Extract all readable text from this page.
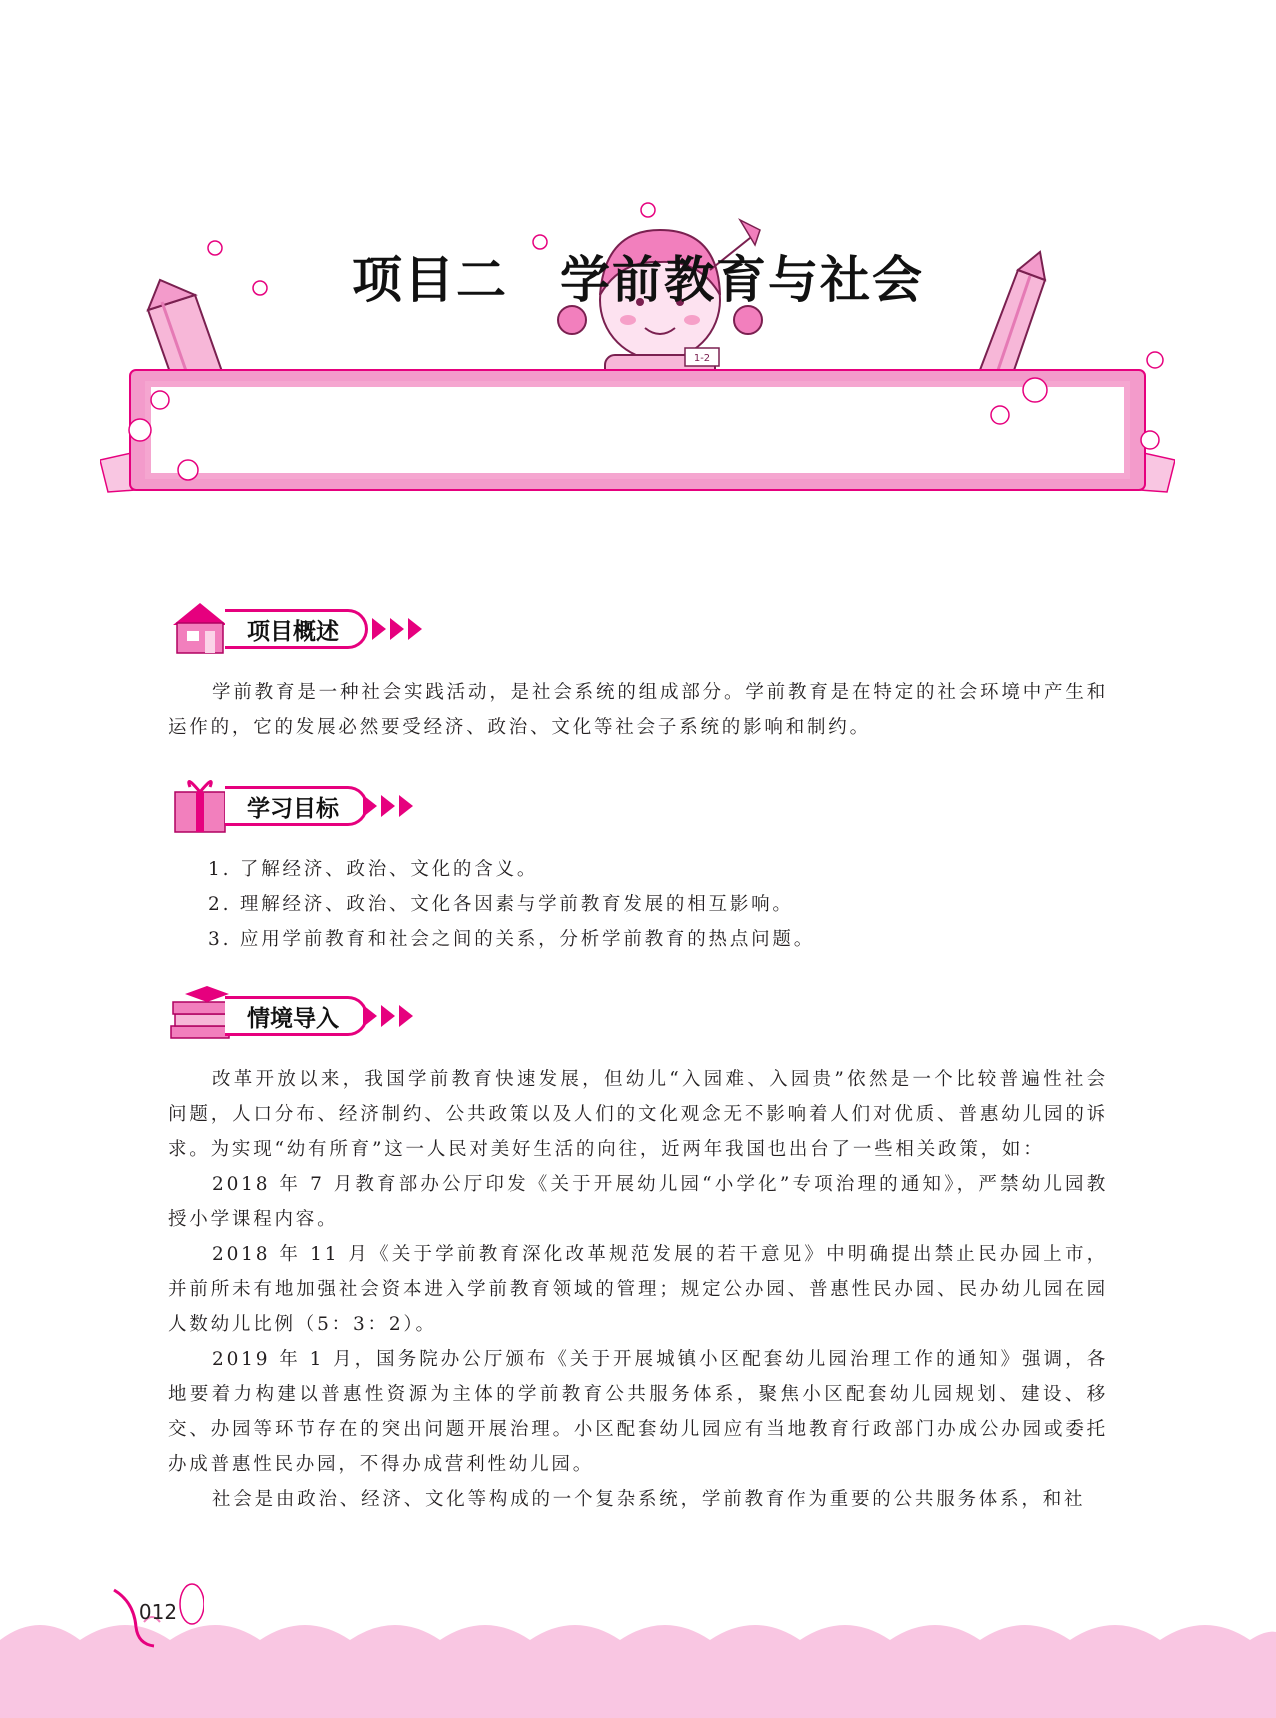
1-2
项目二　学前教育与社会
项目概述

学前教育是一种社会实践活动，是社会系统的组成部分。学前教育是在特定的社会环境中产生和运作的，它的发展必然要受经济、政治、文化等社会子系统的影响和制约。

学习目标

1. 了解经济、政治、文化的含义。

2. 理解经济、政治、文化各因素与学前教育发展的相互影响。

3. 应用学前教育和社会之间的关系，分析学前教育的热点问题。

情境导入

改革开放以来，我国学前教育快速发展，但幼儿“入园难、入园贵”依然是一个比较普遍性社会问题，人口分布、经济制约、公共政策以及人们的文化观念无不影响着人们对优质、普惠幼儿园的诉求。为实现“幼有所育”这一人民对美好生活的向往，近两年我国也出台了一些相关政策，如：

2018 年 7 月教育部办公厅印发《关于开展幼儿园“小学化”专项治理的通知》，严禁幼儿园教授小学课程内容。

2018 年 11 月《关于学前教育深化改革规范发展的若干意见》中明确提出禁止民办园上市，并前所未有地加强社会资本进入学前教育领域的管理；规定公办园、普惠性民办园、民办幼儿园在园人数幼儿比例（5：3：2）。

2019 年 1 月，国务院办公厅颁布《关于开展城镇小区配套幼儿园治理工作的通知》强调，各地要着力构建以普惠性资源为主体的学前教育公共服务体系，聚焦小区配套幼儿园规划、建设、移交、办园等环节存在的突出问题开展治理。小区配套幼儿园应有当地教育行政部门办成公办园或委托办成普惠性民办园，不得办成营利性幼儿园。

社会是由政治、经济、文化等构成的一个复杂系统，学前教育作为重要的公共服务体系，和社

012
